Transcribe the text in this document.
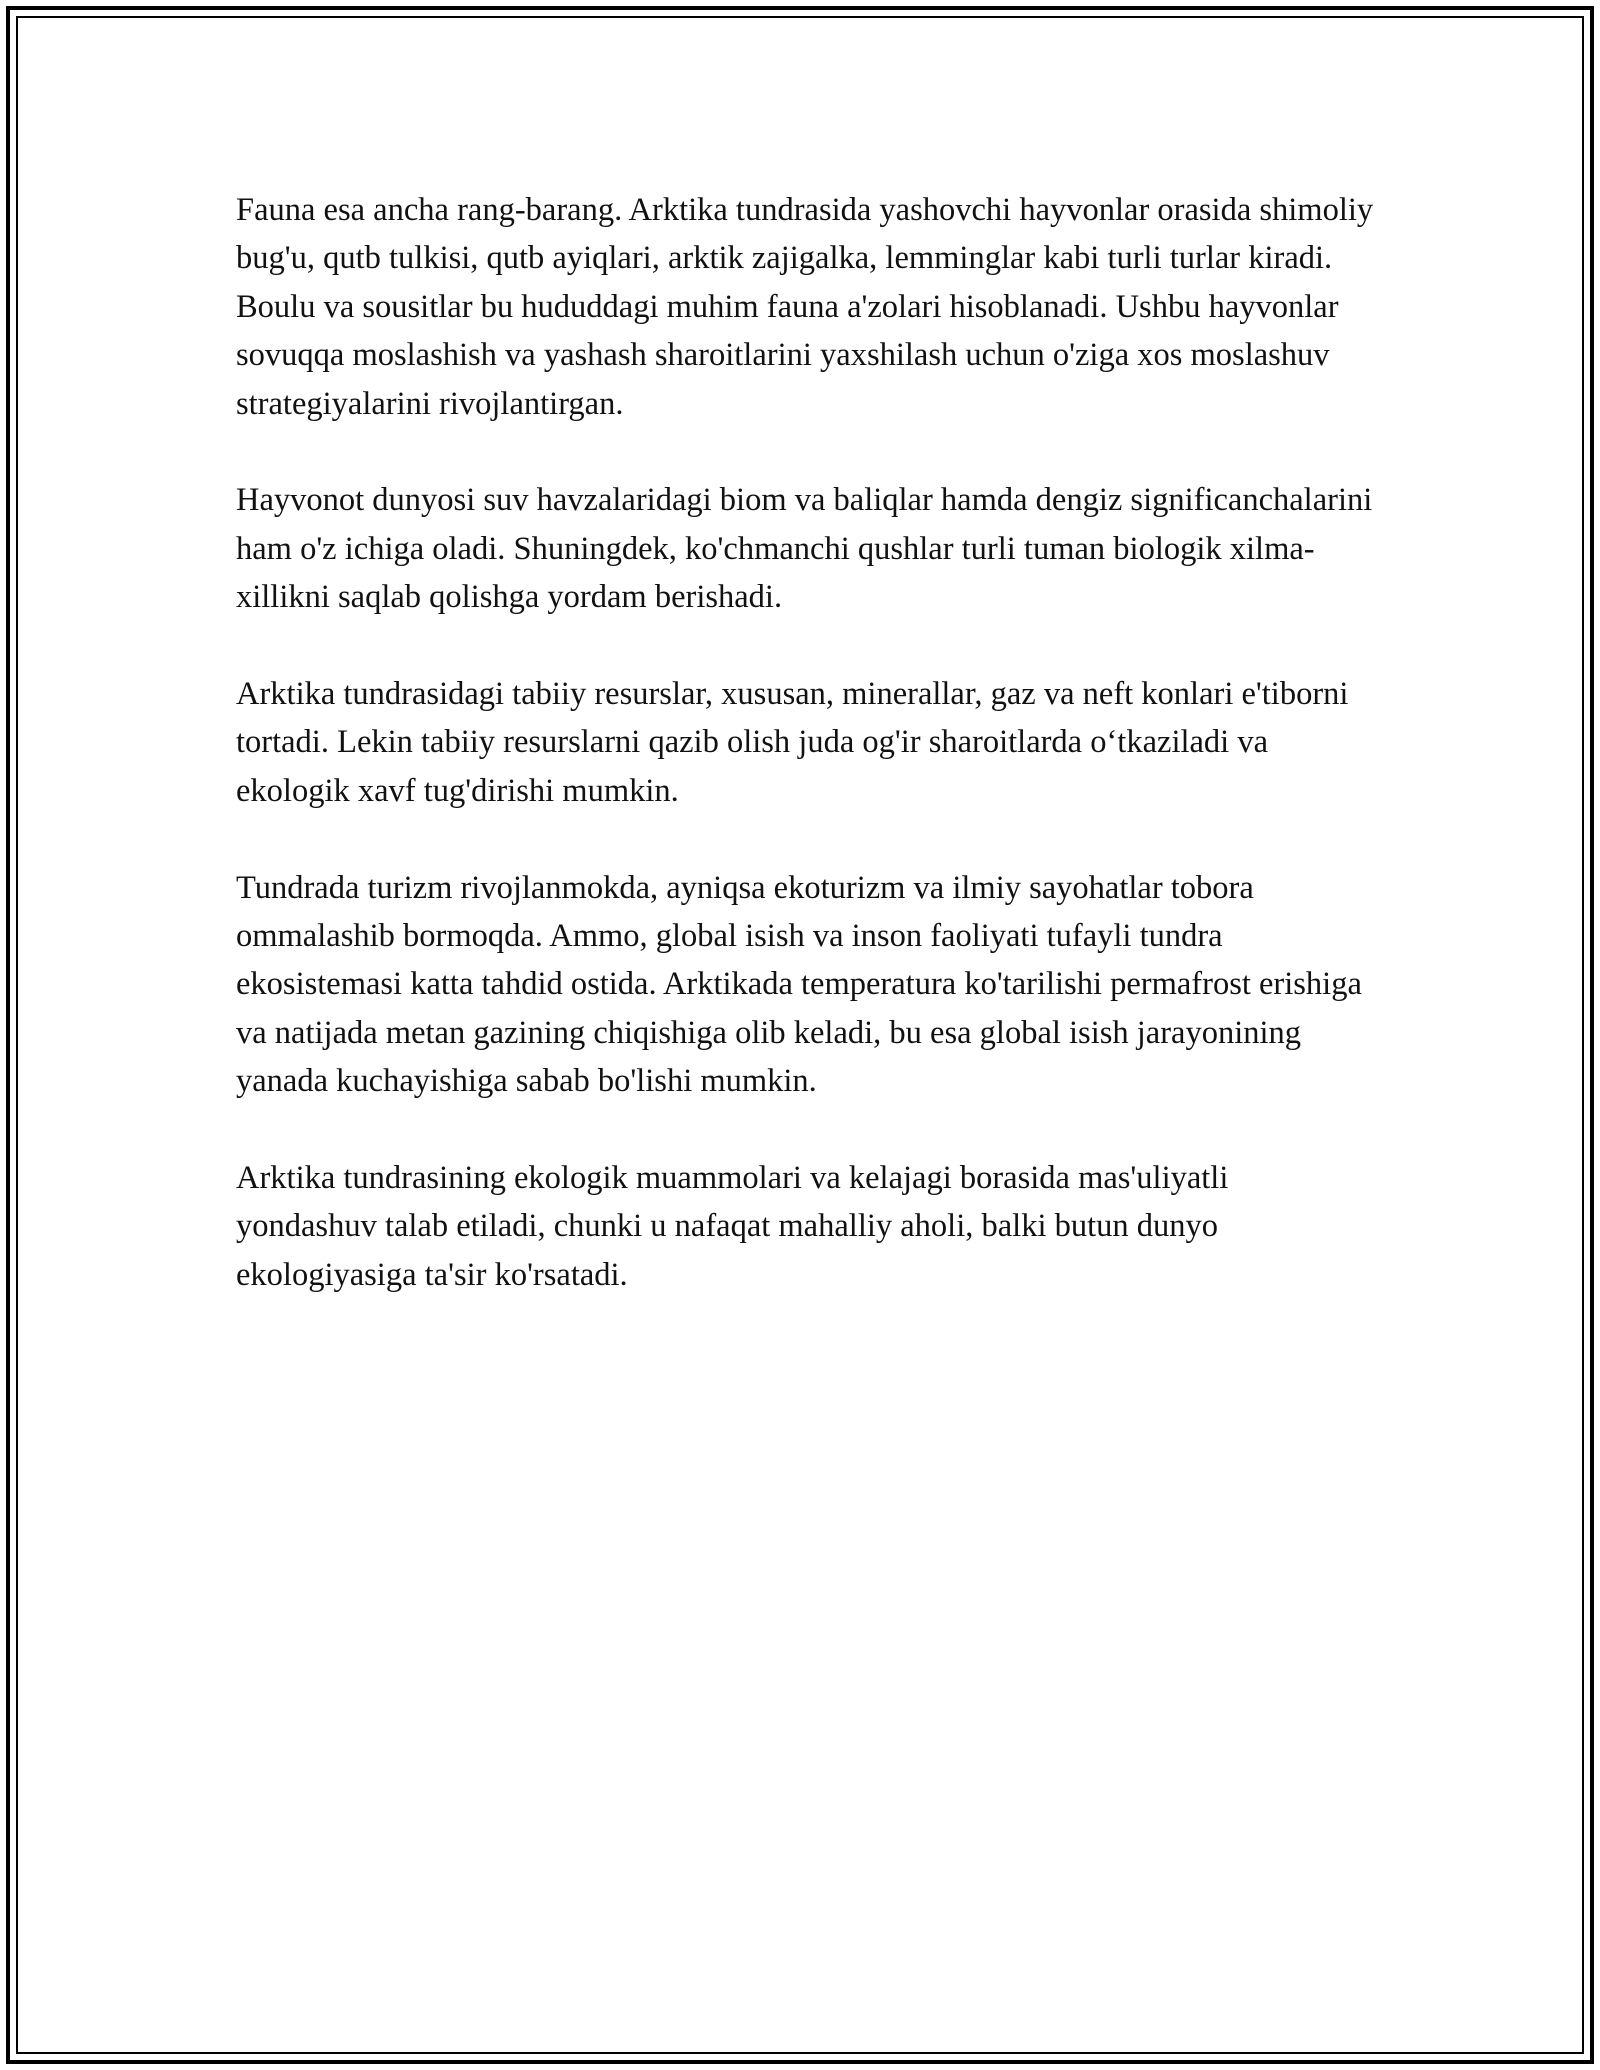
Fauna esa ancha rang-barang. Arktika tundrasida yashovchi hayvonlar orasida shimoliy bug'u, qutb tulkisi, qutb ayiqlari, arktik zajigalka, lemminglar kabi turli turlar kiradi. Boulu va sousitlar bu hududdagi muhim fauna a'zolari hisoblanadi. Ushbu hayvonlar sovuqqa moslashish va yashash sharoitlarini yaxshilash uchun o'ziga xos moslashuv strategiyalarini rivojlantirgan.

Hayvonot dunyosi suv havzalaridagi biom va baliqlar hamda dengiz significanchalarini ham o'z ichiga oladi. Shuningdek, ko'chmanchi qushlar turli tuman biologik xilma-xillikni saqlab qolishga yordam berishadi.

Arktika tundrasidagi tabiiy resurslar, xususan, minerallar, gaz va neft konlari e'tiborni tortadi. Lekin tabiiy resurslarni qazib olish juda og'ir sharoitlarda o‘tkaziladi va ekologik xavf tug'dirishi mumkin.

Tundrada turizm rivojlanmokda, ayniqsa ekoturizm va ilmiy sayohatlar tobora ommalashib bormoqda. Ammo, global isish va inson faoliyati tufayli tundra ekosistemasi katta tahdid ostida. Arktikada temperatura ko'tarilishi permafrost erishiga va natijada metan gazining chiqishiga olib keladi, bu esa global isish jarayonining yanada kuchayishiga sabab bo'lishi mumkin.

Arktika tundrasining ekologik muammolari va kelajagi borasida mas'uliyatli yondashuv talab etiladi, chunki u nafaqat mahalliy aholi, balki butun dunyo ekologiyasiga ta'sir ko'rsatadi.
